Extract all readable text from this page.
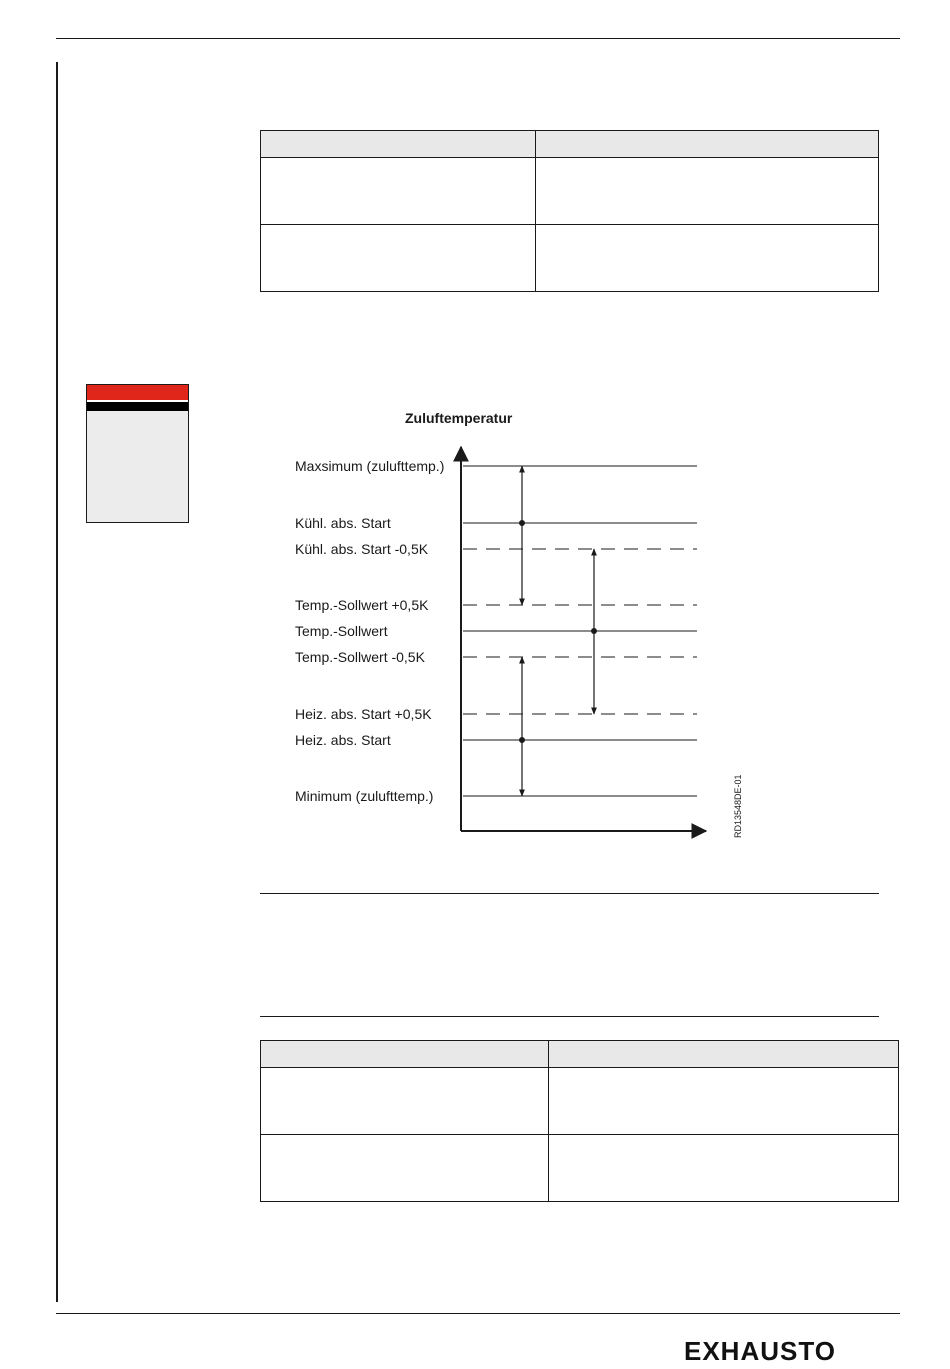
Zuluftemperatur
Maxsimum (zulufttemp.)
Kühl. abs. Start
Kühl. abs. Start -0,5K
Temp.-Sollwert +0,5K
Temp.-Sollwert
Temp.-Sollwert -0,5K
Heiz. abs. Start +0,5K
Heiz. abs. Start
Minimum (zulufttemp.)	RD13548DE-01

EXHAUSTO
